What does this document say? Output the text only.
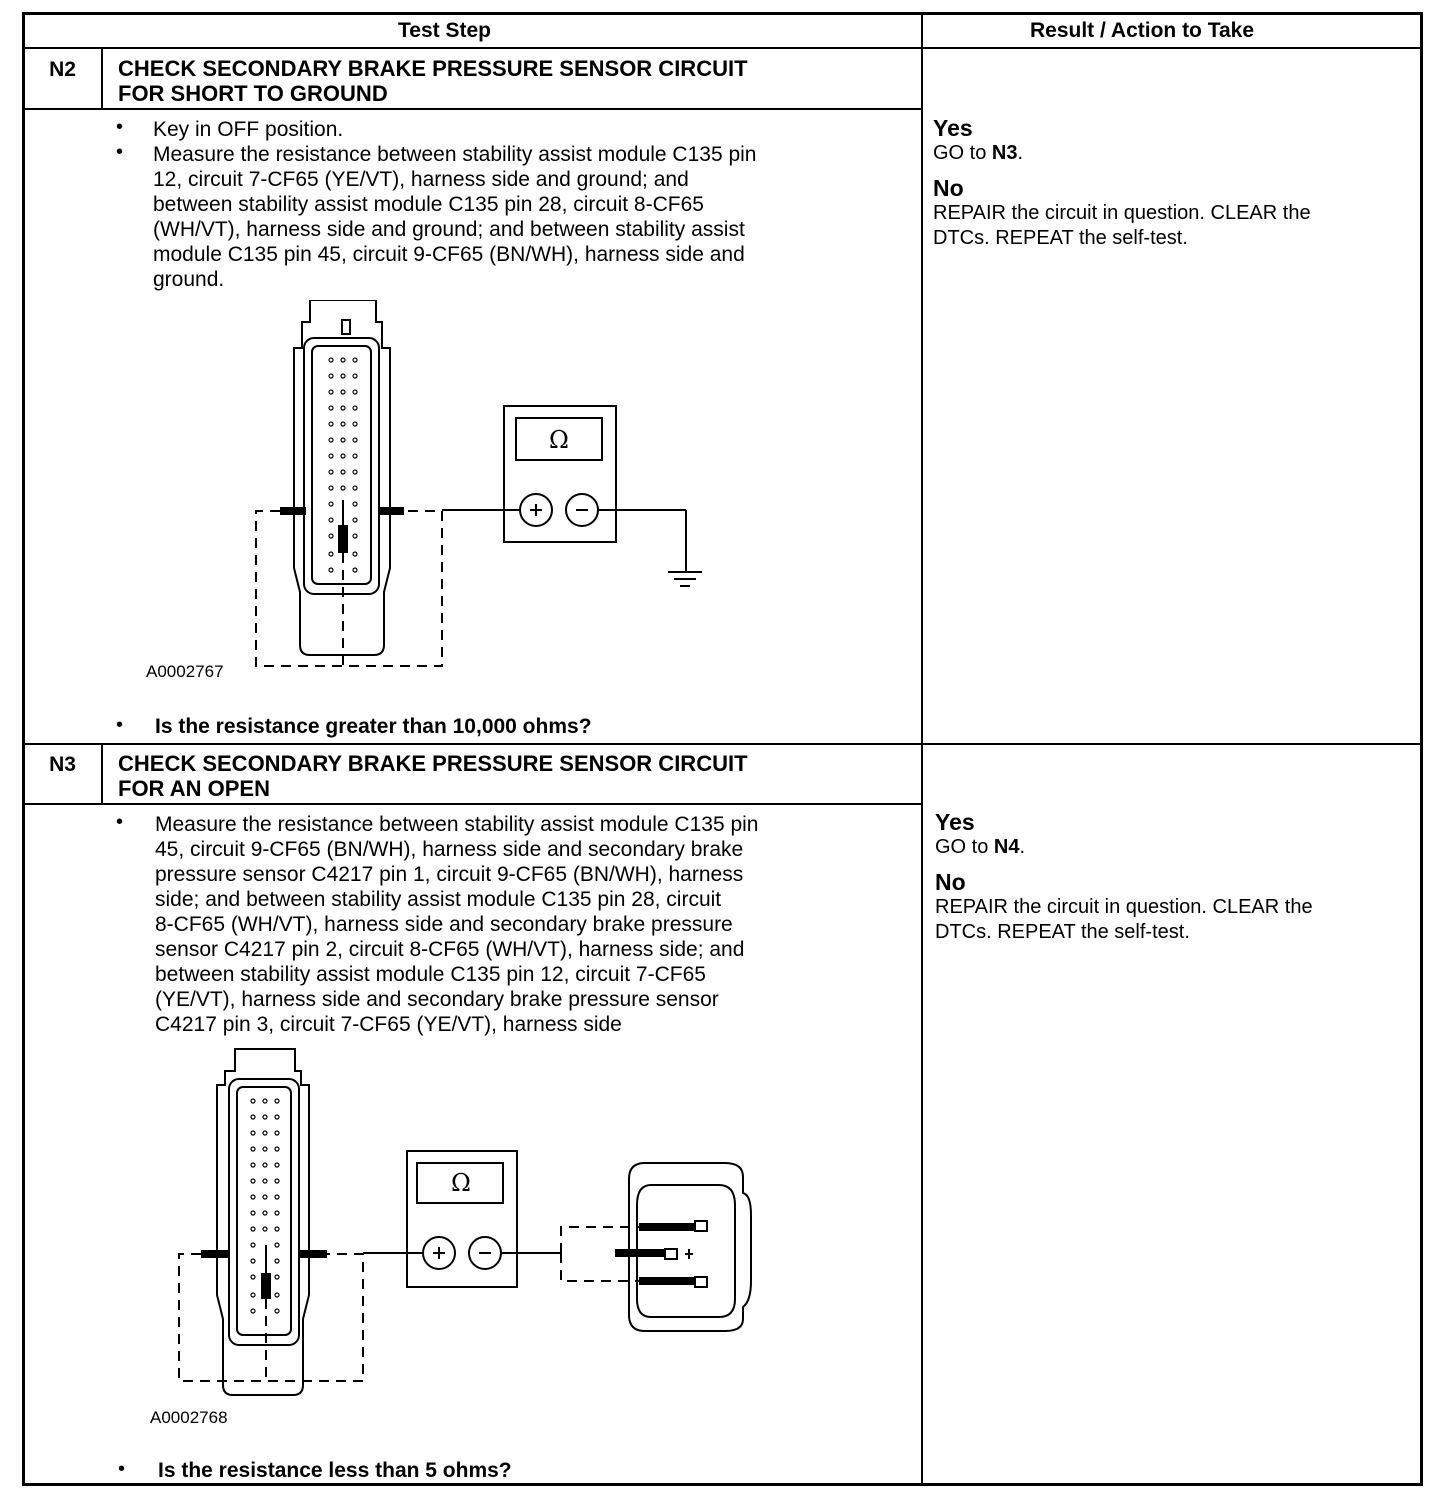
Test Step	Result / Action to Take
N2	CHECK SECONDARY BRAKE PRESSURE SENSOR CIRCUIT
FOR SHORT TO GROUND
• Key in OFF position.
• Measure the resistance between stability assist module C135 pin
12, circuit 7-CF65 (YE/VT), harness side and ground; and
between stability assist module C135 pin 28, circuit 8-CF65
(WH/VT), harness side and ground; and between stability assist
module C135 pin 45, circuit 9-CF65 (BN/WH), harness side and
ground.
Ω
A0002767
• Is the resistance greater than 10,000 ohms?
Yes
GO to N3.
No
REPAIR the circuit in question. CLEAR the
DTCs. REPEAT the self-test.
N3	CHECK SECONDARY BRAKE PRESSURE SENSOR CIRCUIT
FOR AN OPEN
• Measure the resistance between stability assist module C135 pin
45, circuit 9-CF65 (BN/WH), harness side and secondary brake
pressure sensor C4217 pin 1, circuit 9-CF65 (BN/WH), harness
side; and between stability assist module C135 pin 28, circuit
8-CF65 (WH/VT), harness side and secondary brake pressure
sensor C4217 pin 2, circuit 8-CF65 (WH/VT), harness side; and
between stability assist module C135 pin 12, circuit 7-CF65
(YE/VT), harness side and secondary brake pressure sensor
C4217 pin 3, circuit 7-CF65 (YE/VT), harness side
Ω
A0002768
• Is the resistance less than 5 ohms?
Yes
GO to N4.
No
REPAIR the circuit in question. CLEAR the
DTCs. REPEAT the self-test.
